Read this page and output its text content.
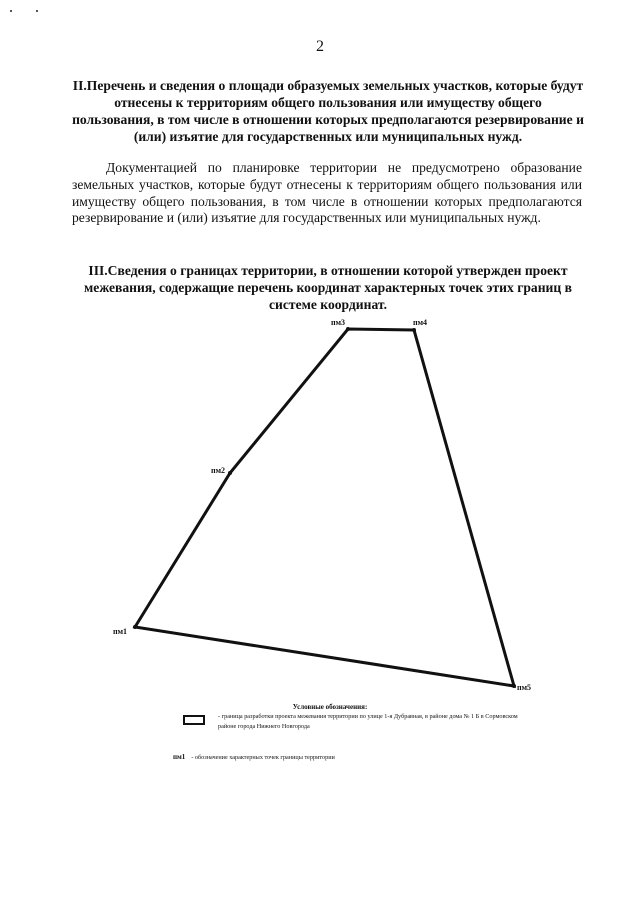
2
II.Перечень и сведения о площади образуемых земельных участков, которые будут отнесены к территориям общего пользования или имуществу общего пользования, в том числе в отношении которых предполагаются резервирование и (или) изъятие для государственных или муниципальных нужд.
Документацией по планировке территории не предусмотрено образование земельных участков, которые будут отнесены к территориям общего пользования или имуществу общего пользования, в том числе в отношении которых предполагаются резервирование и (или) изъятие для государственных или муниципальных нужд.
III.Сведения о границах территории, в отношении которой утвержден проект межевания, содержащие перечень координат характерных точек этих границ в системе координат.
пм1
пм2
пм3	пм4
пм5
Условные обозначения:
- граница разработки проекта межевания территории по улице 1-я Дубравная, в районе дома № 1 Б в Сормовском районе города Нижнего Новгорода
пм1 - обозначение характерных точек границы территории
